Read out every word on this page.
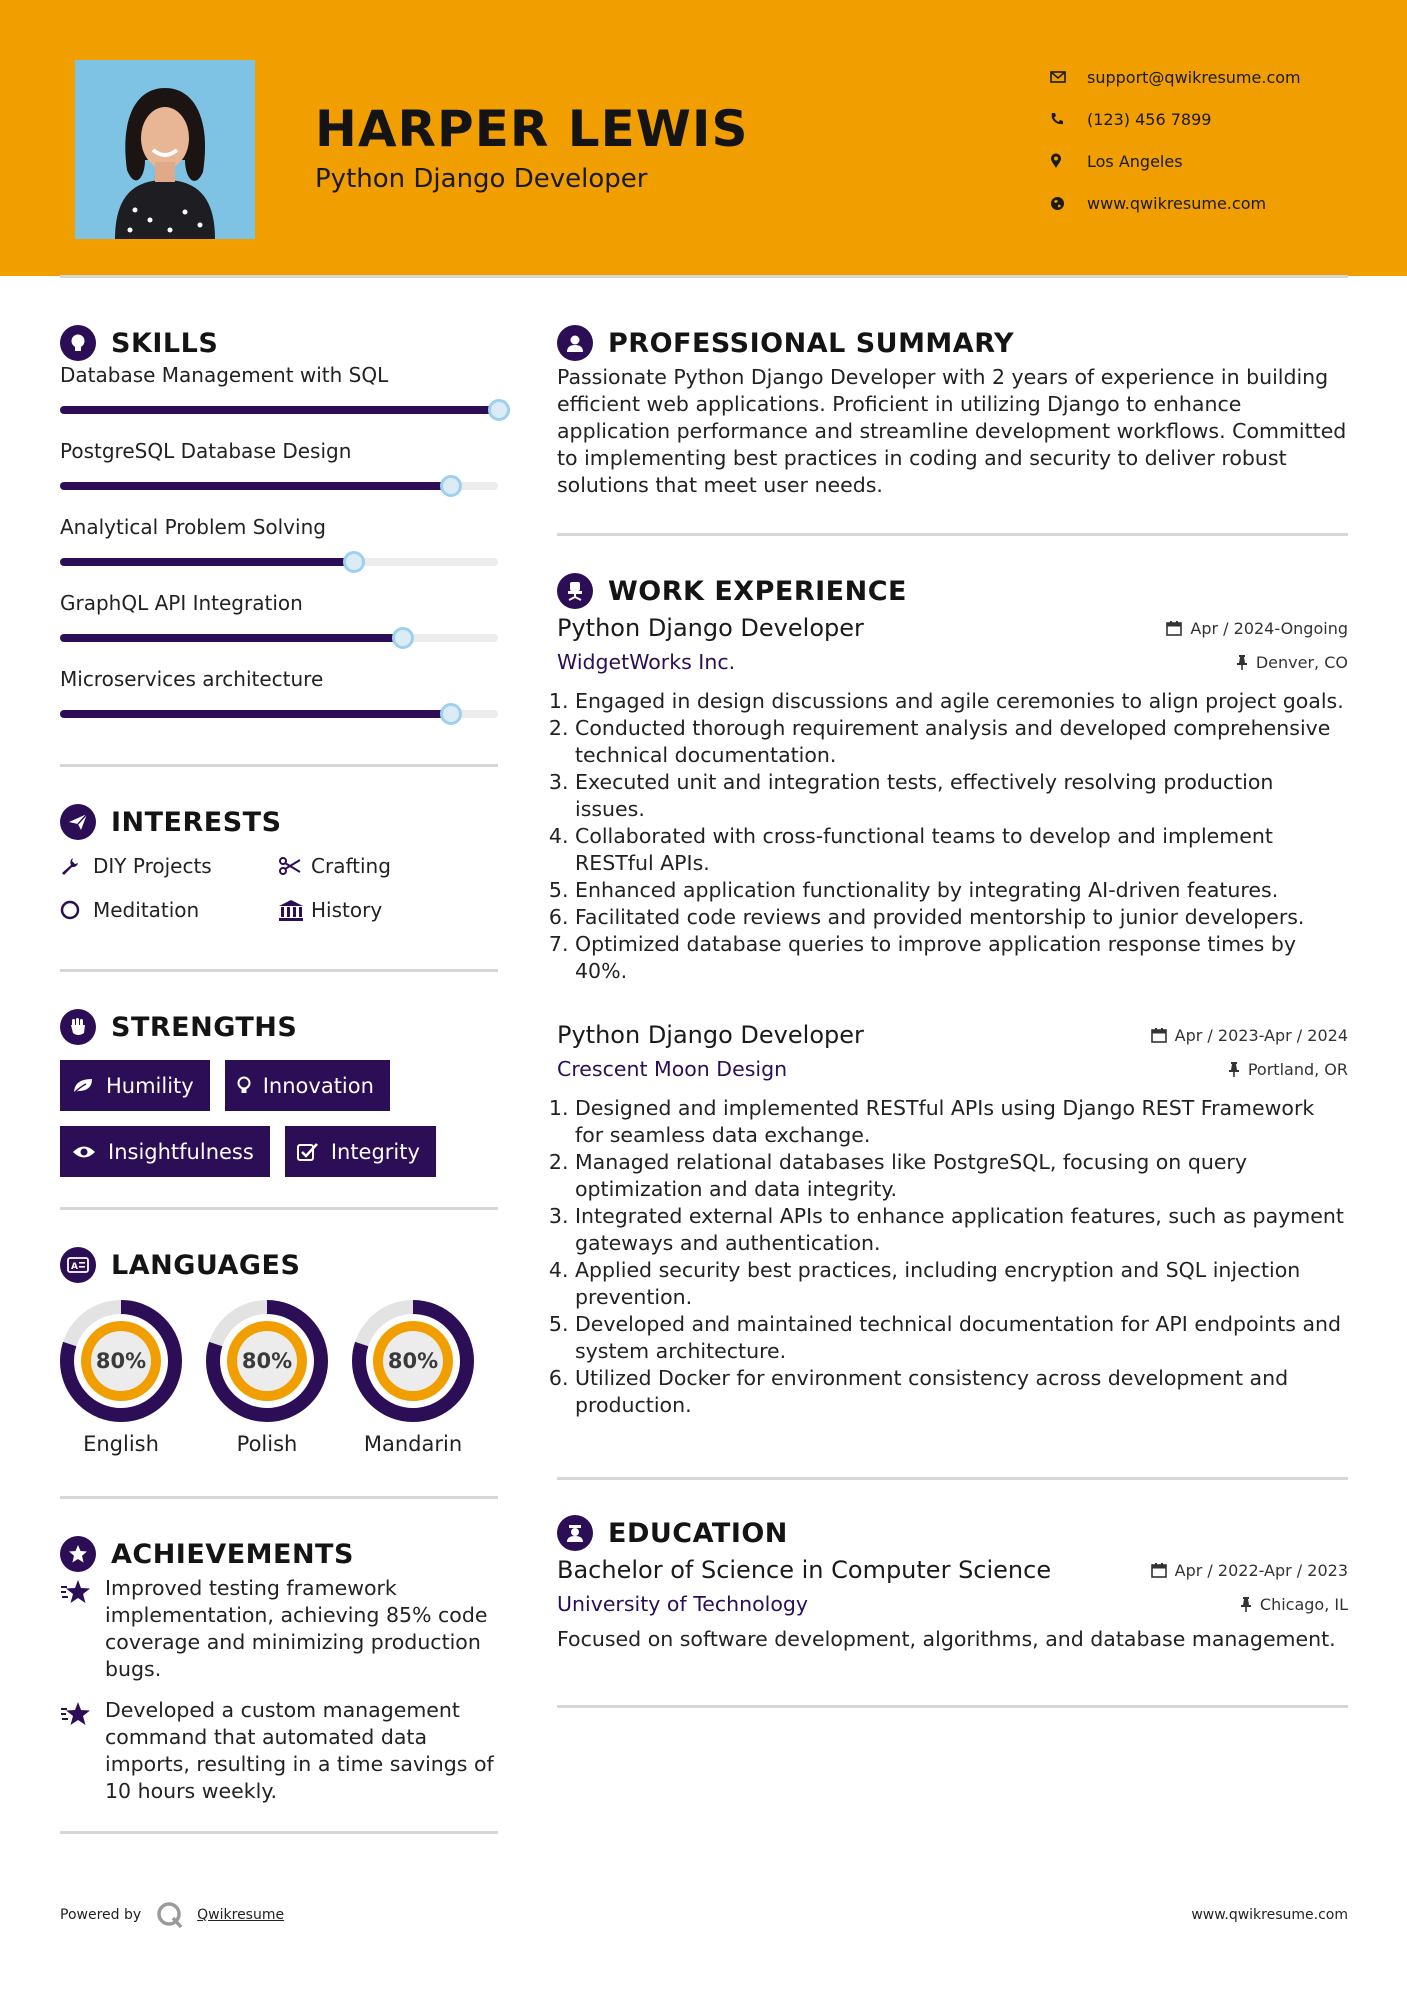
HARPER LEWIS
Python Django Developer
support@qwikresume.com
(123) 456 7899
Los Angeles
www.qwikresume.com
SKILLS
Database Management with SQL
PostgreSQL Database Design
Analytical Problem Solving
GraphQL API Integration
Microservices architecture
INTERESTS
DIY Projects	Crafting
Meditation	History
STRENGTHS
Humility	Innovation
Insightfulness	Integrity
A LANGUAGES
80%
English
80%
Polish
80%
Mandarin
ACHIEVEMENTS
Improved testing framework implementation, achieving 85% code coverage and minimizing production bugs.
Developed a custom management command that automated data imports, resulting in a time savings of 10 hours weekly.
PROFESSIONAL SUMMARY
Passionate Python Django Developer with 2 years of experience in building efficient web applications. Proficient in utilizing Django to enhance application performance and streamline development workflows. Committed to implementing best practices in coding and security to deliver robust solutions that meet user needs.
WORK EXPERIENCE
Python Django Developer	Apr / 2024-Ongoing
WidgetWorks Inc.	Denver, CO
1. Engaged in design discussions and agile ceremonies to align project goals.
2. Conducted thorough requirement analysis and developed comprehensive technical documentation.
3. Executed unit and integration tests, effectively resolving production issues.
4. Collaborated with cross-functional teams to develop and implement RESTful APIs.
5. Enhanced application functionality by integrating AI-driven features.
6. Facilitated code reviews and provided mentorship to junior developers.
7. Optimized database queries to improve application response times by 40%.
Python Django Developer	Apr / 2023-Apr / 2024
Crescent Moon Design	Portland, OR
1. Designed and implemented RESTful APIs using Django REST Framework for seamless data exchange.
2. Managed relational databases like PostgreSQL, focusing on query optimization and data integrity.
3. Integrated external APIs to enhance application features, such as payment gateways and authentication.
4. Applied security best practices, including encryption and SQL injection prevention.
5. Developed and maintained technical documentation for API endpoints and system architecture.
6. Utilized Docker for environment consistency across development and production.
EDUCATION
Bachelor of Science in Computer Science	Apr / 2022-Apr / 2023
University of Technology	Chicago, IL
Focused on software development, algorithms, and database management.
Powered by	Qwikresume	www.qwikresume.com
